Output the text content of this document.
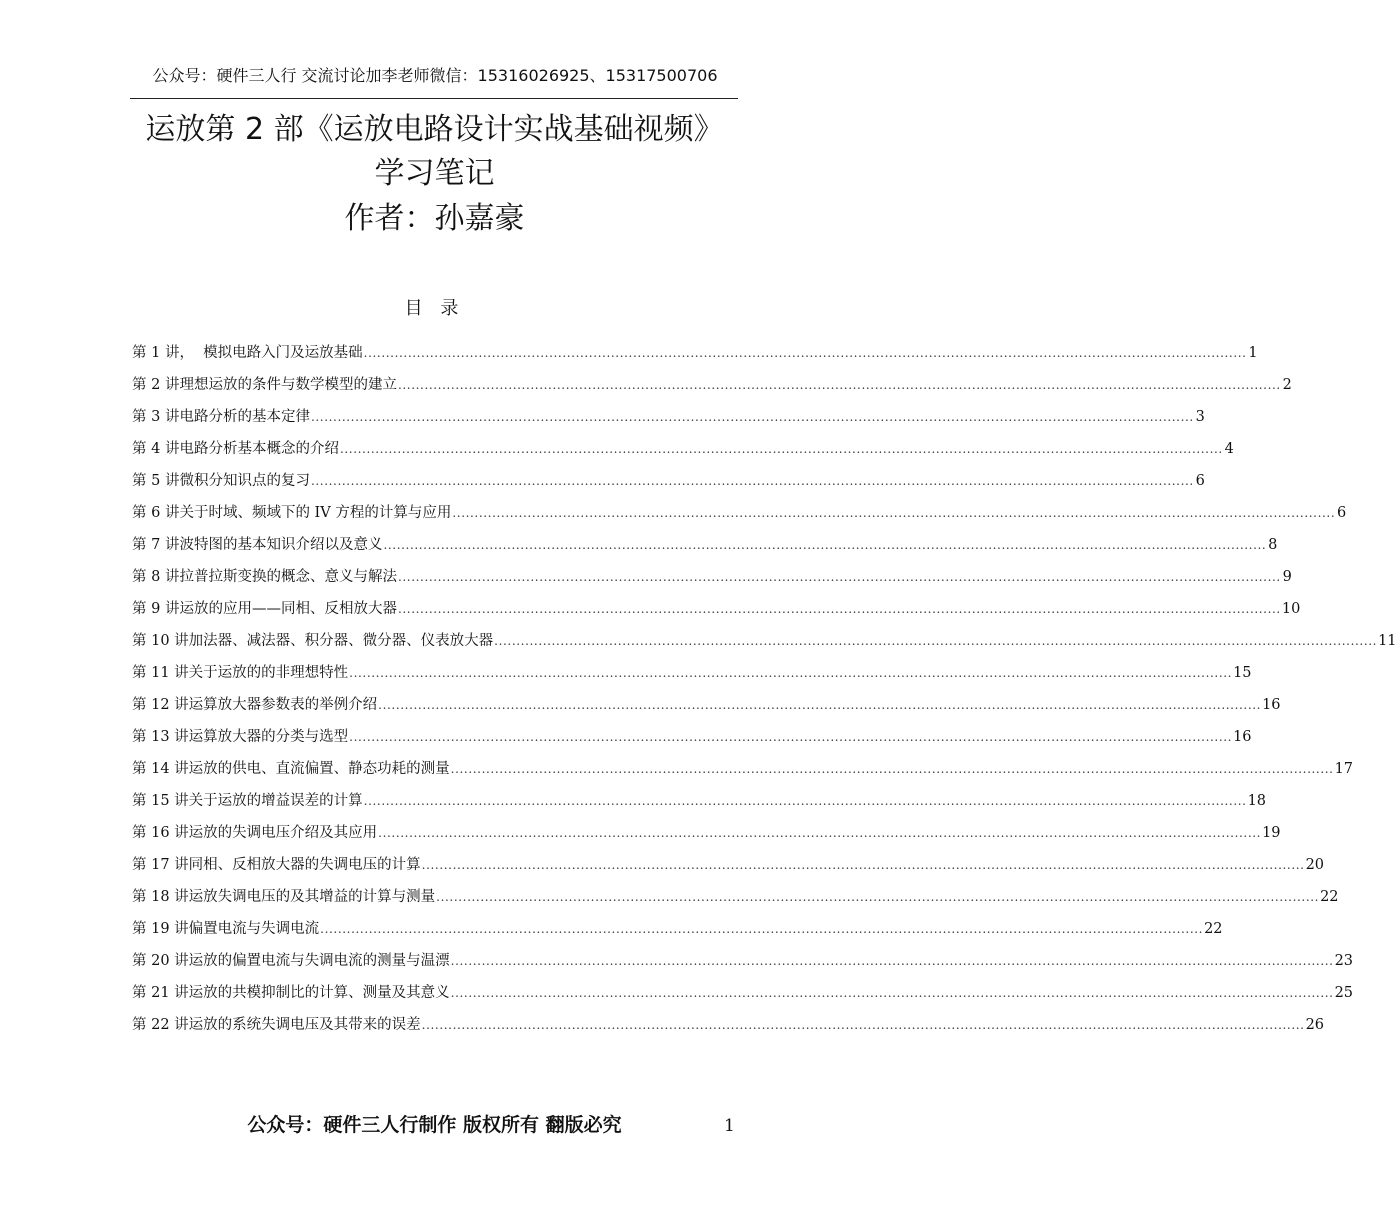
公众号：硬件三人行 交流讨论加李老师微信：15316026925、15317500706
运放第 2 部《运放电路设计实战基础视频》
学习笔记
作者：孙嘉豪
目 录
第 1 讲，  模拟电路入门及运放基础 ........................................................................................................................................................................................................ 1
第 2 讲理想运放的条件与数学模型的建立 ........................................................................................................................................................................................................ 2
第 3 讲电路分析的基本定律 ........................................................................................................................................................................................................ 3
第 4 讲电路分析基本概念的介绍 ........................................................................................................................................................................................................ 4
第 5 讲微积分知识点的复习 ........................................................................................................................................................................................................ 6
第 6 讲关于时域、频域下的 IV 方程的计算与应用 ........................................................................................................................................................................................................ 6
第 7 讲波特图的基本知识介绍以及意义 ........................................................................................................................................................................................................ 8
第 8 讲拉普拉斯变换的概念、意义与解法 ........................................................................................................................................................................................................ 9
第 9 讲运放的应用——同相、反相放大器 ........................................................................................................................................................................................................ 10
第 10 讲加法器、减法器、积分器、微分器、仪表放大器 ........................................................................................................................................................................................................ 11
第 11 讲关于运放的的非理想特性 ........................................................................................................................................................................................................ 15
第 12 讲运算放大器参数表的举例介绍 ........................................................................................................................................................................................................ 16
第 13 讲运算放大器的分类与选型 ........................................................................................................................................................................................................ 16
第 14 讲运放的供电、直流偏置、静态功耗的测量 ........................................................................................................................................................................................................ 17
第 15 讲关于运放的增益误差的计算 ........................................................................................................................................................................................................ 18
第 16 讲运放的失调电压介绍及其应用 ........................................................................................................................................................................................................ 19
第 17 讲同相、反相放大器的失调电压的计算 ........................................................................................................................................................................................................ 20
第 18 讲运放失调电压的及其增益的计算与测量 ........................................................................................................................................................................................................ 22
第 19 讲偏置电流与失调电流 ........................................................................................................................................................................................................ 22
第 20 讲运放的偏置电流与失调电流的测量与温漂 ........................................................................................................................................................................................................ 23
第 21 讲运放的共模抑制比的计算、测量及其意义 ........................................................................................................................................................................................................ 25
第 22 讲运放的系统失调电压及其带来的误差 ........................................................................................................................................................................................................ 26
公众号：硬件三人行制作 版权所有 翻版必究	1
